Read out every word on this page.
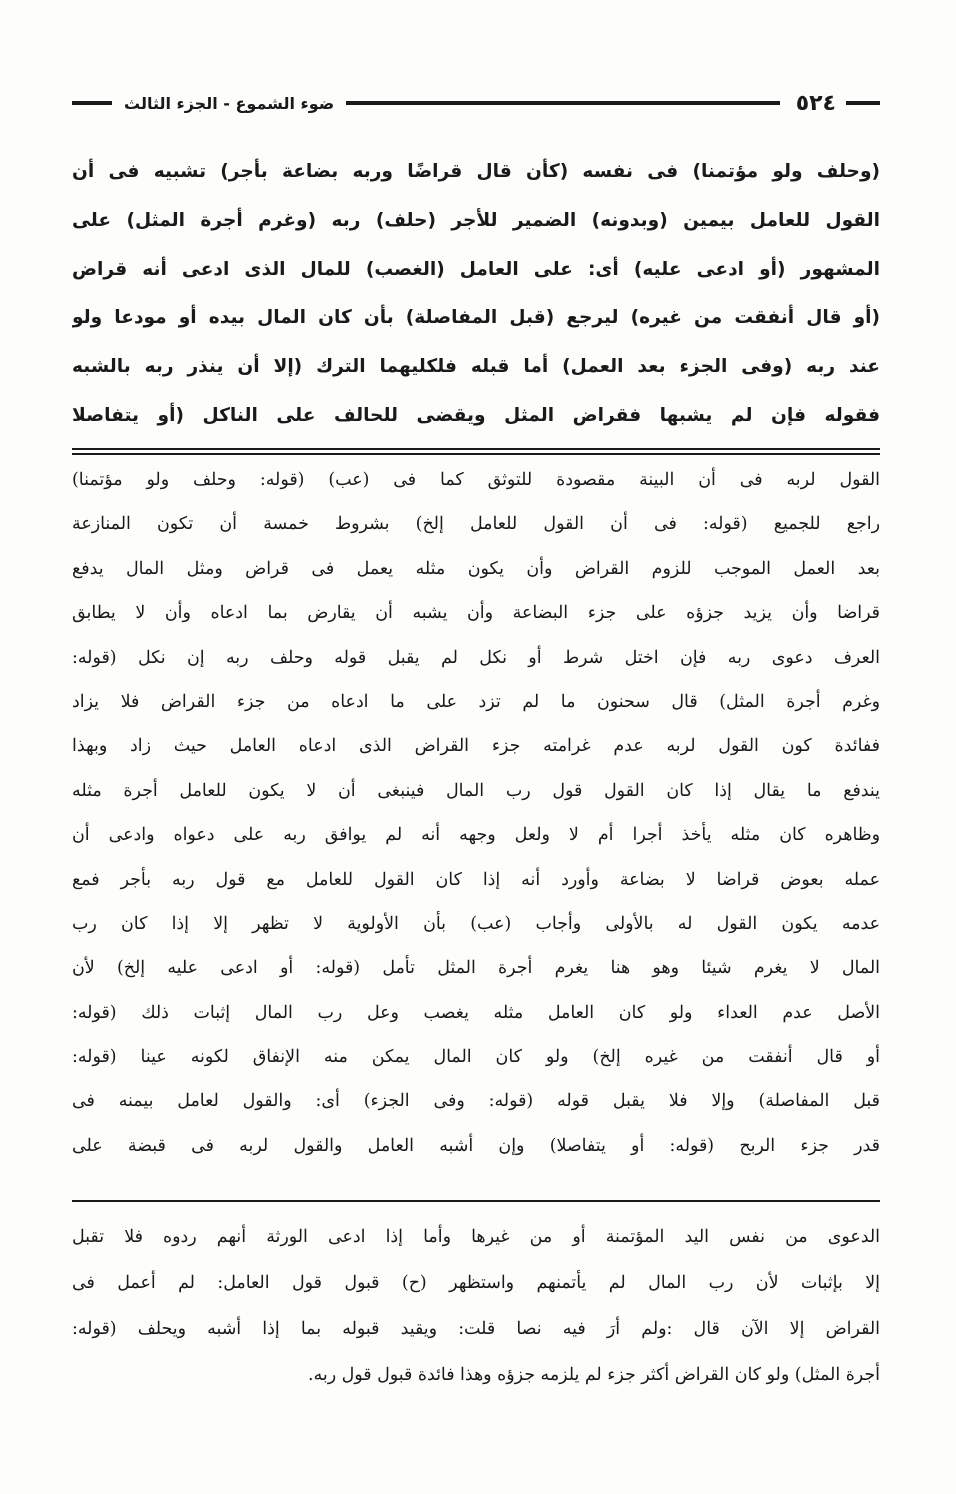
٥٢٤
ضوء الشموع - الجزء الثالث
(وحلف ولو مؤتمنا) فى نفسه (كأن قال قراضًا وربه بضاعة بأجر) تشبيه فى أن
القول للعامل بيمين (وبدونه) الضمير للأجر (حلف) ربه (وغرم أجرة المثل) على
المشهور (أو ادعى عليه) أى: على العامل (الغصب) للمال الذى ادعى أنه قراض
(أو قال أنفقت من غيره) ليرجع (قبل المفاصلة) بأن كان المال بيده أو مودعا ولو
عند ربه (وفى الجزء بعد العمل) أما قبله فلكليهما الترك (إلا أن ينذر ربه بالشبه
فقوله فإن لم يشبها فقراض المثل ويقضى للحالف على الناكل (أو يتفاصلا
القول لربه فى أن البينة مقصودة للتوثق كما فى (عب) (قوله: وحلف ولو مؤتمنا)
راجع للجميع (قوله: فى أن القول للعامل إلخ) بشروط خمسة أن تكون المنازعة
بعد العمل الموجب للزوم القراض وأن يكون مثله يعمل فى قراض ومثل المال يدفع
قراضا وأن يزيد جزؤه على جزء البضاعة وأن يشبه أن يقارض بما ادعاه وأن لا يطابق
العرف دعوى ربه فإن اختل شرط أو نكل لم يقبل قوله وحلف ربه إن نكل (قوله:
وغرم أجرة المثل) قال سحنون ما لم تزد على ما ادعاه من جزء القراض فلا يزاد
ففائدة كون القول لربه عدم غرامته جزء القراض الذى ادعاه العامل حيث زاد وبهذا
يندفع ما يقال إذا كان القول قول رب المال فينبغى أن لا يكون للعامل أجرة مثله
وظاهره كان مثله يأخذ أجرا أم لا ولعل وجهه أنه لم يوافق ربه على دعواه وادعى أن
عمله بعوض قراضا لا بضاعة وأورد أنه إذا كان القول للعامل مع قول ربه بأجر فمع
عدمه يكون القول له بالأولى وأجاب (عب) بأن الأولوية لا تظهر إلا إذا كان رب
المال لا يغرم شيئا وهو هنا يغرم أجرة المثل تأمل (قوله: أو ادعى عليه إلخ) لأن
الأصل عدم العداء ولو كان العامل مثله يغصب وعل رب المال إثبات ذلك (قوله:
أو قال أنفقت من غيره إلخ) ولو كان المال يمكن منه الإنفاق لكونه عينا (قوله:
قبل المفاصلة) وإلا فلا يقبل قوله (قوله: وفى الجزء) أى: والقول لعامل بيمنه فى
قدر جزء الربح (قوله: أو يتفاصلا) وإن أشبه العامل والقول لربه فى قبضة على
الدعوى من نفس اليد المؤتمنة أو من غيرها وأما إذا ادعى الورثة أنهم ردوه فلا تقبل
إلا بإثبات لأن رب المال لم يأتمنهم واستظهر (ح) قبول قول العامل: لم أعمل فى
القراض إلا الآن قال :ولم أرَ فيه نصا قلت: ويقيد قبوله بما إذا أشبه ويحلف (قوله:
أجرة المثل) ولو كان القراض أكثر جزء لم يلزمه جزؤه وهذا فائدة قبول قول ربه.
